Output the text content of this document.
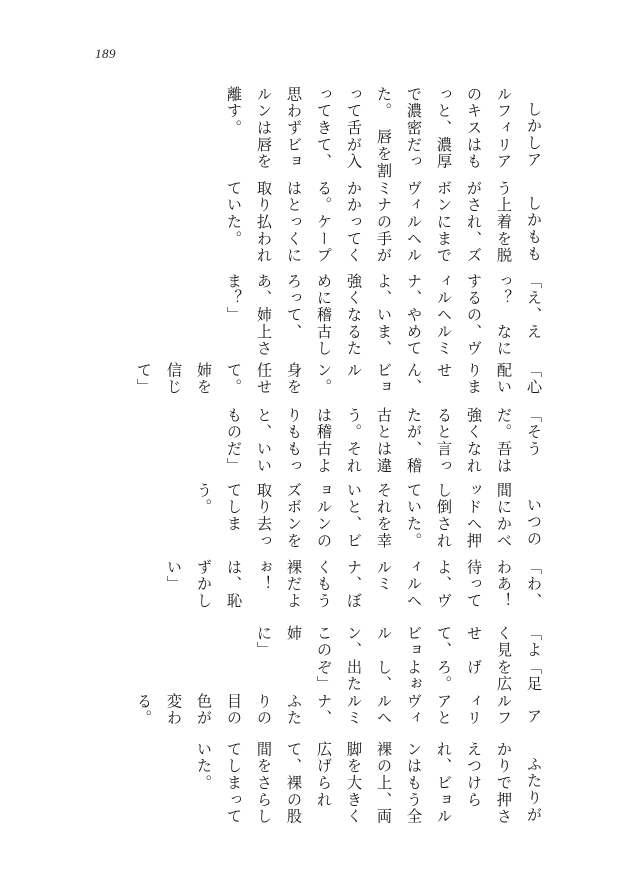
189

しかしアルフィリアのキスはもっと、濃厚で濃密だった。　唇を割って舌が入ってきて、　思わずビョルンは唇を離す。

しかももう上着を脱がされ、ズボンにまでヴィルヘルミナの手がかかってくる。ケープはとっくに取り払われていた。

「え、えっ？　なにするの、ヴィルヘルミナ、やめてよ、いま、強くなるために稽古しろって、あ、姉上さま？」

「心配いりません、ビョルン。身を任せて。姉を信じて」

「そうだ。吾は強くなれると言ったが、稽古とは違う。それは稽古よりももっと、いいものだ」

いつの間にかベッドへ押し倒されていた。それを幸いと、ビョルンのズボンを取り去ってしまう。

「わ、わあ！　待ってよ、ヴィルヘルミナ、ぼくもう裸だよぉ！　は、恥ずかしい」

「よく見せて、ビョルン、この姉に」

「足を広げろ。よぉし、出たぞ」

アルフィリアとヴィルヘルミナ、ふたりの目の色が変わる。

ふたりがかりで押さえつけられ、ビョルンはもう全裸の上、両脚を大きく広げられて、裸の股間をさらしてしまっていた。
